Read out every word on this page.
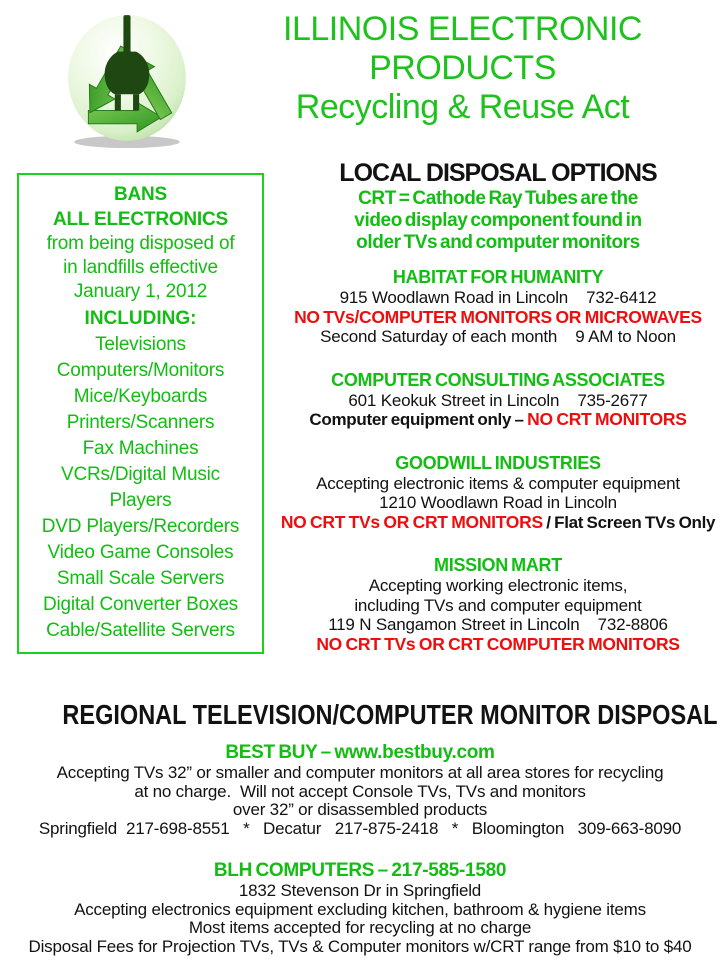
ILLINOIS ELECTRONIC
PRODUCTS
Recycling & Reuse Act
BANS
ALL ELECTRONICS
from being disposed of
in landfills effective
January 1, 2012
INCLUDING:
Televisions
Computers/Monitors
Mice/Keyboards
Printers/Scanners
Fax Machines
VCRs/Digital Music Players
DVD Players/Recorders
Video Game Consoles
Small Scale Servers
Digital Converter Boxes
Cable/Satellite Servers
LOCAL DISPOSAL OPTIONS
CRT = Cathode Ray Tubes are the
video display component found in
older TVs and computer monitors
HABITAT FOR HUMANITY
915 Woodlawn Road in Lincoln    732-6412
NO TVs/COMPUTER MONITORS OR MICROWAVES
Second Saturday of each month    9 AM to Noon
COMPUTER CONSULTING ASSOCIATES
601 Keokuk Street in Lincoln    735-2677
Computer equipment only – NO CRT MONITORS
GOODWILL INDUSTRIES
Accepting electronic items & computer equipment
1210 Woodlawn Road in Lincoln
NO CRT TVs OR CRT MONITORS / Flat Screen TVs Only
MISSION MART
Accepting working electronic items,
including TVs and computer equipment
119 N Sangamon Street in Lincoln    732-8806
NO CRT TVs OR CRT COMPUTER MONITORS
REGIONAL TELEVISION/COMPUTER MONITOR DISPOSAL
BEST BUY – www.bestbuy.com
Accepting TVs 32” or smaller and computer monitors at all area stores for recycling
at no charge.  Will not accept Console TVs, TVs and monitors
over 32” or disassembled products
Springfield  217-698-8551   *   Decatur   217-875-2418   *   Bloomington   309-663-8090
BLH COMPUTERS – 217-585-1580
1832 Stevenson Dr in Springfield
Accepting electronics equipment excluding kitchen, bathroom & hygiene items
Most items accepted for recycling at no charge
Disposal Fees for Projection TVs, TVs & Computer monitors w/CRT range from $10 to $40
